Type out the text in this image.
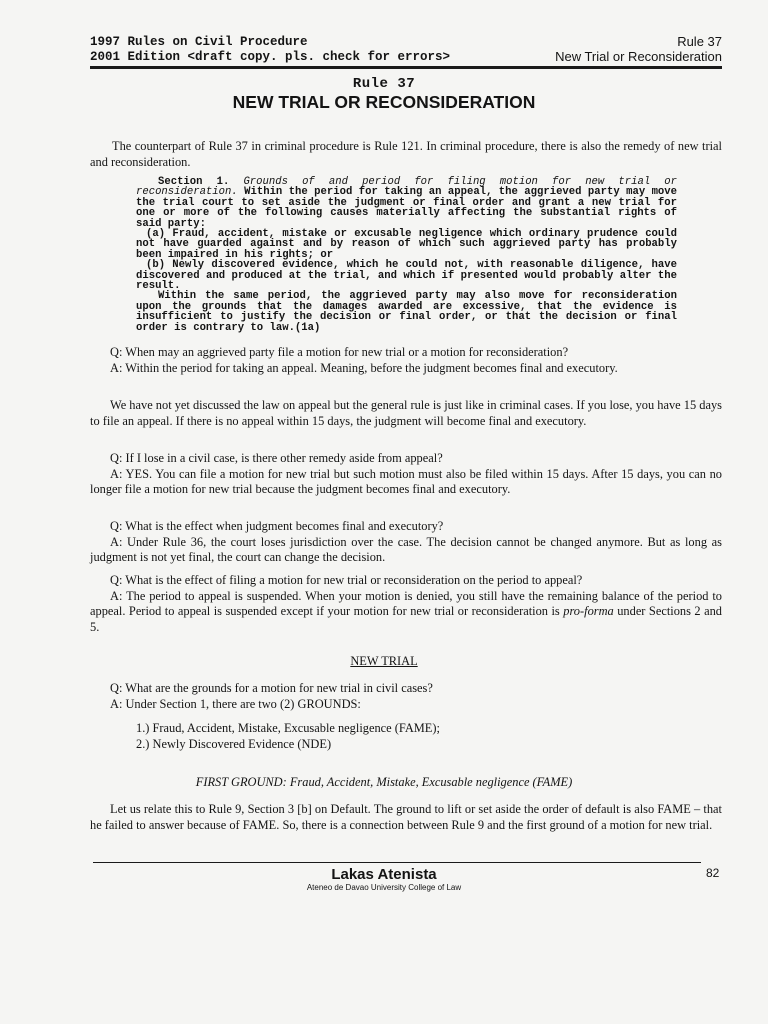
1997 Rules on Civil Procedure
2001 Edition <draft copy. pls. check for errors>
Rule 37
New Trial or Reconsideration
Rule 37
NEW TRIAL OR RECONSIDERATION
The counterpart of Rule 37 in criminal procedure is Rule 121. In criminal procedure, there is also the remedy of new trial and reconsideration.

Section 1. Grounds of and period for filing motion for new trial or reconsideration. Within the period for taking an appeal, the aggrieved party may move the trial court to set aside the judgment or final order and grant a new trial for one or more of the following causes materially affecting the substantial rights of said party:

(a) Fraud, accident, mistake or excusable negligence which ordinary prudence could not have guarded against and by reason of which such aggrieved party has probably been impaired in his rights; or

(b) Newly discovered evidence, which he could not, with reasonable diligence, have discovered and produced at the trial, and which if presented would probably alter the result.

Within the same period, the aggrieved party may also move for reconsideration upon the grounds that the damages awarded are excessive, that the evidence is insufficient to justify the decision or final order, or that the decision or final order is contrary to law.(1a)

Q: When may an aggrieved party file a motion for new trial or a motion for reconsideration?
A: Within the period for taking an appeal. Meaning, before the judgment becomes final and executory.
We have not yet discussed the law on appeal but the general rule is just like in criminal cases. If you lose, you have 15 days to file an appeal. If there is no appeal within 15 days, the judgment will become final and executory.
Q: If I lose in a civil case, is there other remedy aside from appeal?
A: YES. You can file a motion for new trial but such motion must also be filed within 15 days. After 15 days, you can no longer file a motion for new trial because the judgment becomes final and executory.
Q: What is the effect when judgment becomes final and executory?
A: Under Rule 36, the court loses jurisdiction over the case. The decision cannot be changed anymore. But as long as judgment is not yet final, the court can change the decision.
Q: What is the effect of filing a motion for new trial or reconsideration on the period to appeal?
A: The period to appeal is suspended. When your motion is denied, you still have the remaining balance of the period to appeal. Period to appeal is suspended except if your motion for new trial or reconsideration is pro-forma under Sections 2 and 5.
NEW TRIAL
Q: What are the grounds for a motion for new trial in civil cases?
A: Under Section 1, there are two (2) GROUNDS:
1.) Fraud, Accident, Mistake, Excusable negligence (FAME);
2.) Newly Discovered Evidence (NDE)
FIRST GROUND: Fraud, Accident, Mistake, Excusable negligence (FAME)
Let us relate this to Rule 9, Section 3 [b] on Default. The ground to lift or set aside the order of default is also FAME – that he failed to answer because of FAME. So, there is a connection between Rule 9 and the first ground of a motion for new trial.
Lakas Atenista
Ateneo de Davao University College of Law
82
